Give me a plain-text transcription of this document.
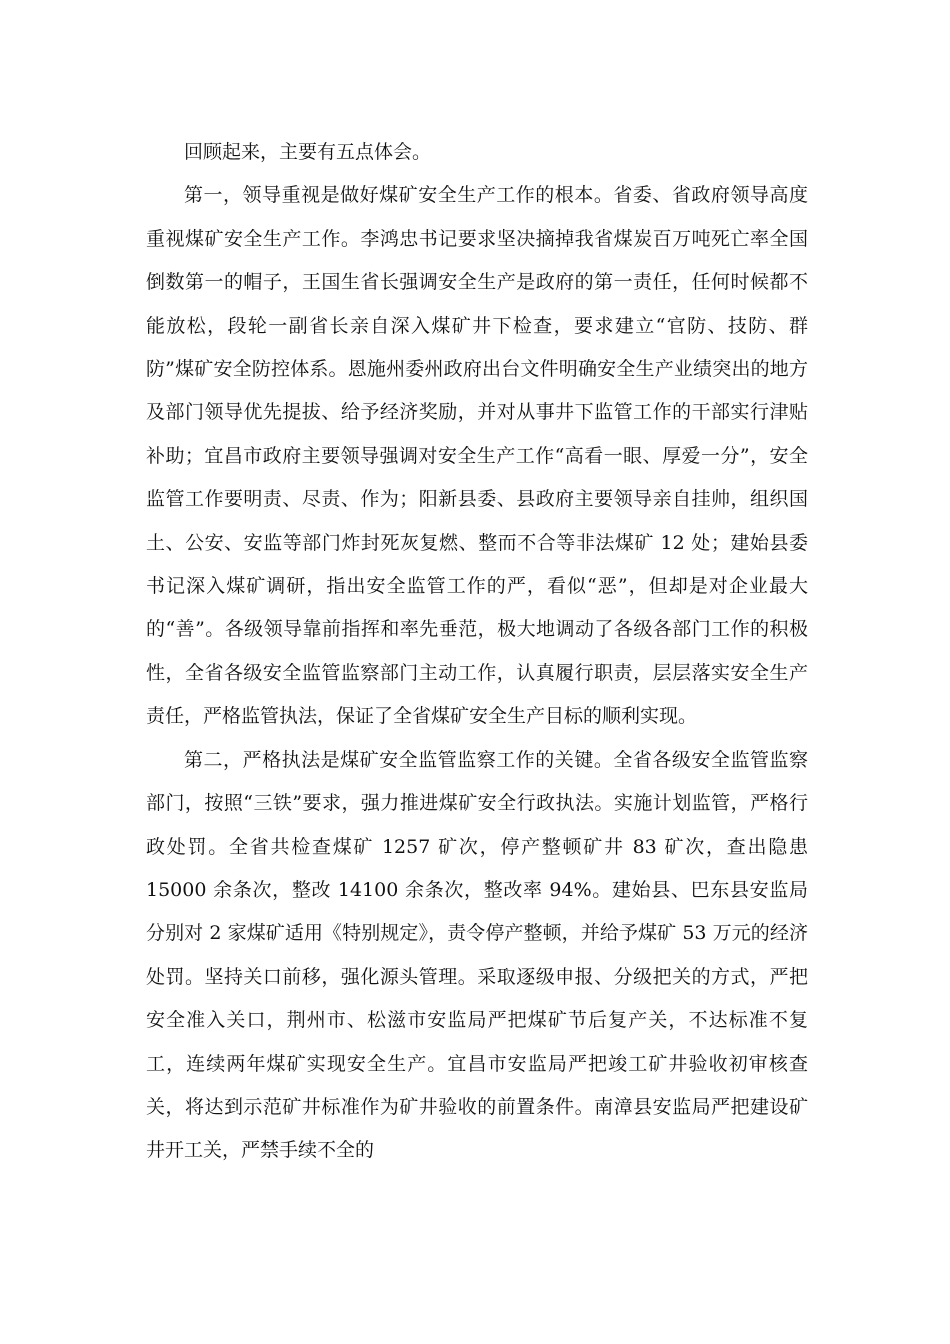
回顾起来，主要有五点体会。

第一，领导重视是做好煤矿安全生产工作的根本。省委、省政府领导高度重视煤矿安全生产工作。李鸿忠书记要求坚决摘掉我省煤炭百万吨死亡率全国倒数第一的帽子，王国生省长强调安全生产是政府的第一责任，任何时候都不能放松，段轮一副省长亲自深入煤矿井下检查，要求建立“官防、技防、群防”煤矿安全防控体系。恩施州委州政府出台文件明确安全生产业绩突出的地方及部门领导优先提拔、给予经济奖励，并对从事井下监管工作的干部实行津贴补助；宜昌市政府主要领导强调对安全生产工作“高看一眼、厚爱一分”，安全监管工作要明责、尽责、作为；阳新县委、县政府主要领导亲自挂帅，组织国土、公安、安监等部门炸封死灰复燃、整而不合等非法煤矿 12 处；建始县委书记深入煤矿调研，指出安全监管工作的严，看似“恶”，但却是对企业最大的“善”。各级领导靠前指挥和率先垂范，极大地调动了各级各部门工作的积极性，全省各级安全监管监察部门主动工作，认真履行职责，层层落实安全生产责任，严格监管执法，保证了全省煤矿安全生产目标的顺利实现。

第二，严格执法是煤矿安全监管监察工作的关键。全省各级安全监管监察部门，按照“三铁”要求，强力推进煤矿安全行政执法。实施计划监管，严格行政处罚。全省共检查煤矿 1257 矿次，停产整顿矿井 83 矿次，查出隐患 15000 余条次，整改 14100 余条次，整改率 94%。建始县、巴东县安监局分别对 2 家煤矿适用《特别规定》，责令停产整顿，并给予煤矿 53 万元的经济处罚。坚持关口前移，强化源头管理。采取逐级申报、分级把关的方式，严把安全准入关口，荆州市、松滋市安监局严把煤矿节后复产关，不达标准不复工，连续两年煤矿实现安全生产。宜昌市安监局严把竣工矿井验收初审核查关，将达到示范矿井标准作为矿井验收的前置条件。南漳县安监局严把建设矿井开工关，严禁手续不全的
